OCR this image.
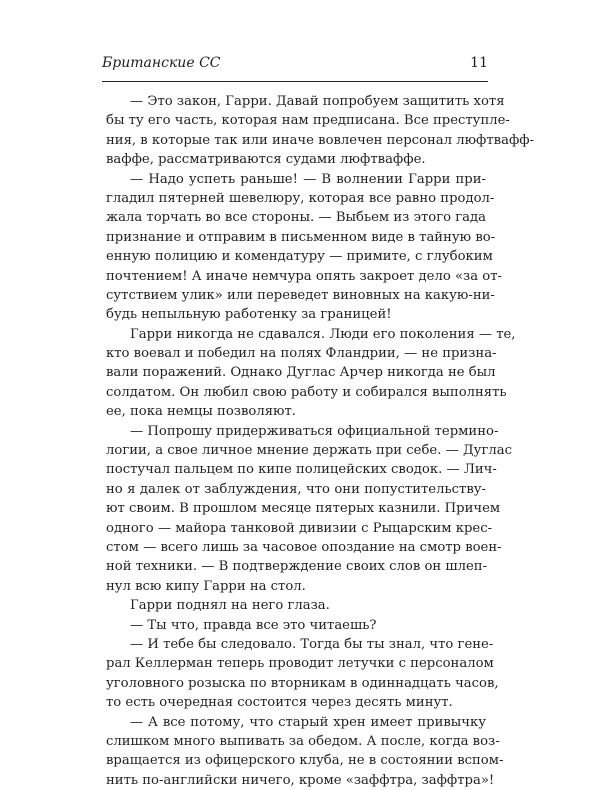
Британские СС	11
— Это закон, Гарри. Давай попробуем защитить хотя
бы ту его часть, которая нам предписана. Все преступле-
ния, в которые так или иначе вовлечен персонал люфтвафф-
ваффе, рассматриваются судами люфтваффе.
— Надо успеть раньше! — В волнении Гарри при-
гладил пятерней шевелюру, которая все равно продол-
жала торчать во все стороны. — Выбьем из этого гада
признание и отправим в письменном виде в тайную во-
енную полицию и комендатуру — примите, с глубоким
почтением! А иначе немчура опять закроет дело «за от-
сутствием улик» или переведет виновных на какую-ни-
будь непыльную работенку за границей!
Гарри никогда не сдавался. Люди его поколения — те,
кто воевал и победил на полях Фландрии, — не призна-
вали поражений. Однако Дуглас Арчер никогда не был
солдатом. Он любил свою работу и собирался выполнять
ее, пока немцы позволяют.
— Попрошу придерживаться официальной термино-
логии, а свое личное мнение держать при себе. — Дуглас
постучал пальцем по кипе полицейских сводок. — Лич-
но я далек от заблуждения, что они попустительству-
ют своим. В прошлом месяце пятерых казнили. Причем
одного — майора танковой дивизии с Рыцарским крес-
стом — всего лишь за часовое опоздание на смотр воен-
ной техники. — В подтверждение своих слов он шлеп-
нул всю кипу Гарри на стол.
Гарри поднял на него глаза.
— Ты что, правда все это читаешь?
— И тебе бы следовало. Тогда бы ты знал, что гене-
рал Келлерман теперь проводит летучки с персоналом
уголовного розыска по вторникам в одиннадцать часов,
то есть очередная состоится через десять минут.
— А все потому, что старый хрен имеет привычку
слишком много выпивать за обедом. А после, когда воз-
вращается из офицерского клуба, не в состоянии вспом-
нить по-английски ничего, кроме «заффтра, заффтра»!
